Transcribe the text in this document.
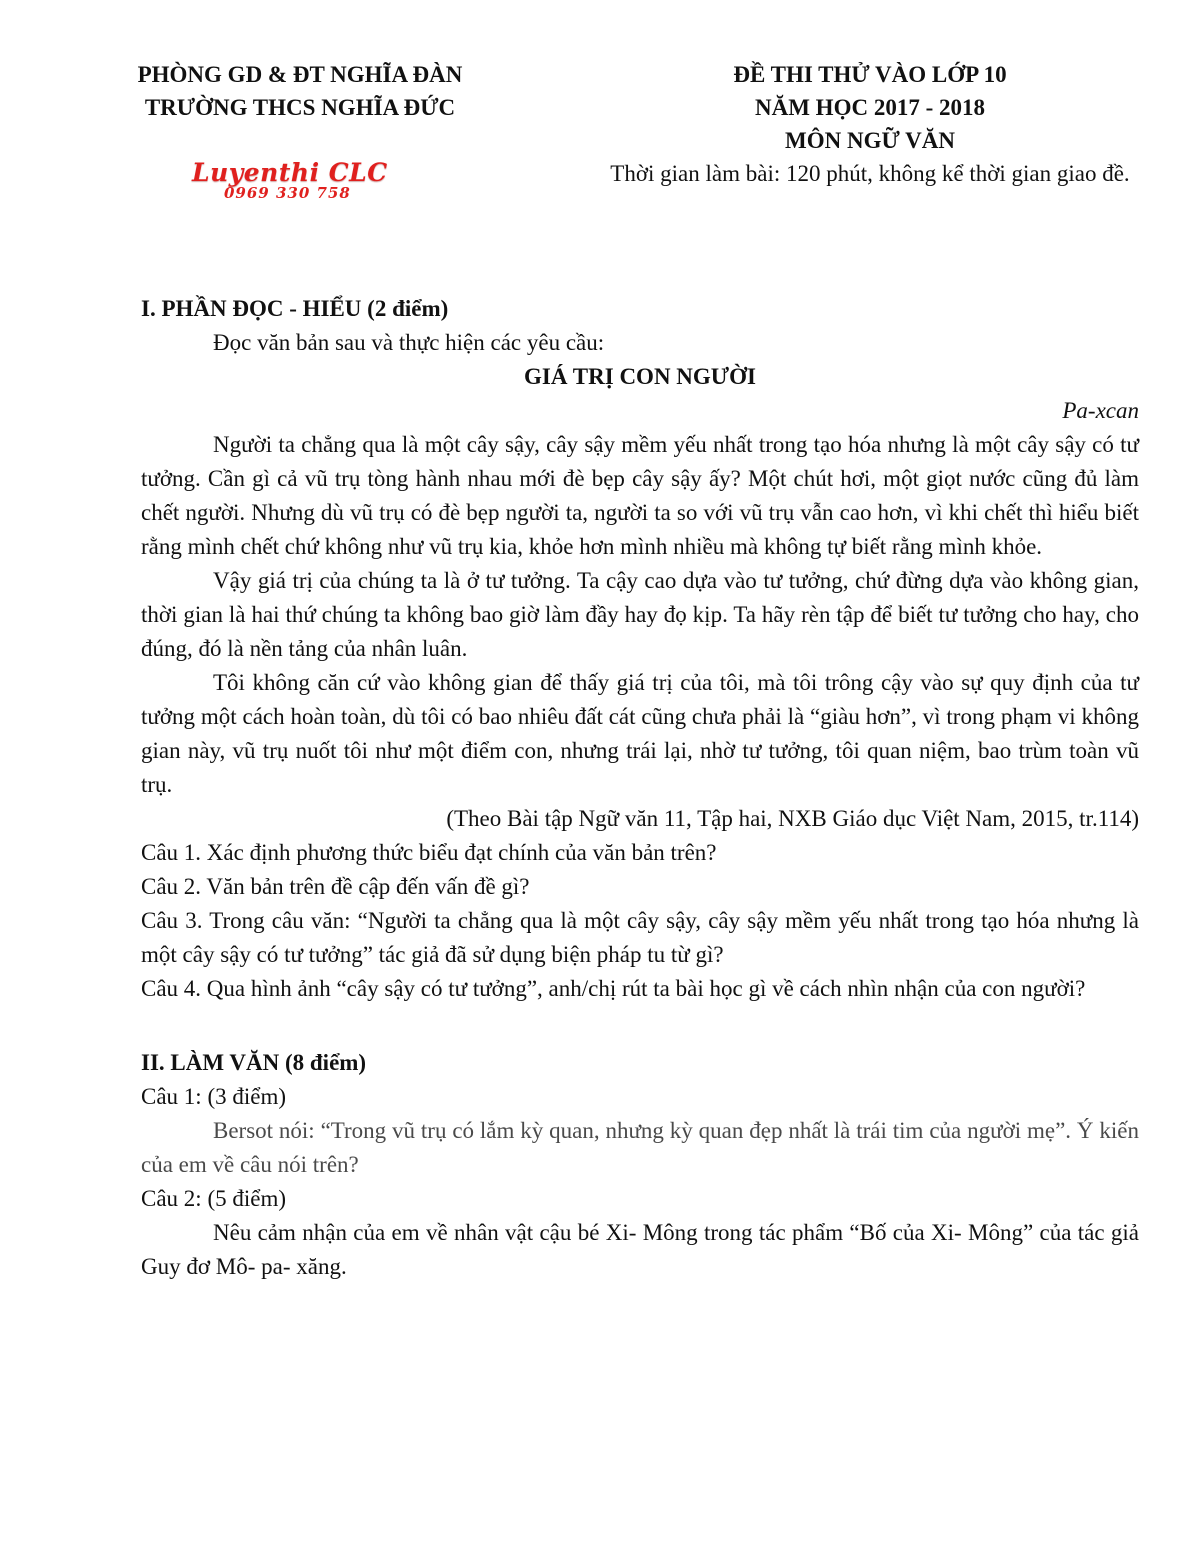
PHÒNG GD & ĐT NGHĨA ĐÀN
TRƯỜNG THCS NGHĨA ĐỨC
Luyenthi CLC
0969 330 758
ĐỀ THI THỬ VÀO LỚP 10
NĂM HỌC 2017 - 2018
MÔN NGỮ VĂN
Thời gian làm bài: 120 phút, không kể thời gian giao đề.
I. PHẦN ĐỌC - HIỂU (2 điểm)
Đọc văn bản sau và thực hiện các yêu cầu:
GIÁ TRỊ CON NGƯỜI
Pa-xcan

Người ta chẳng qua là một cây sậy, cây sậy mềm yếu nhất trong tạo hóa nhưng là một cây sậy có tư tưởng. Cần gì cả vũ trụ tòng hành nhau mới đè bẹp cây sậy ấy? Một chút hơi, một giọt nước cũng đủ làm chết người. Nhưng dù vũ trụ có đè bẹp người ta, người ta so với vũ trụ vẫn cao hơn, vì khi chết thì hiểu biết rằng mình chết chứ không như vũ trụ kia, khỏe hơn mình nhiều mà không tự biết rằng mình khỏe.

Vậy giá trị của chúng ta là ở tư tưởng. Ta cậy cao dựa vào tư tưởng, chứ đừng dựa vào không gian, thời gian là hai thứ chúng ta không bao giờ làm đầy hay đọ kịp. Ta hãy rèn tập để biết tư tưởng cho hay, cho đúng, đó là nền tảng của nhân luân.

Tôi không căn cứ vào không gian để thấy giá trị của tôi, mà tôi trông cậy vào sự quy định của tư tưởng một cách hoàn toàn, dù tôi có bao nhiêu đất cát cũng chưa phải là “giàu hơn”, vì trong phạm vi không gian này, vũ trụ nuốt tôi như một điểm con, nhưng trái lại, nhờ tư tưởng, tôi quan niệm, bao trùm toàn vũ trụ.

(Theo Bài tập Ngữ văn 11, Tập hai, NXB Giáo dục Việt Nam, 2015, tr.114)
Câu 1. Xác định phương thức biểu đạt chính của văn bản trên?
Câu 2. Văn bản trên đề cập đến vấn đề gì?
Câu 3. Trong câu văn: “Người ta chẳng qua là một cây sậy, cây sậy mềm yếu nhất trong tạo hóa nhưng là một cây sậy có tư tưởng” tác giả đã sử dụng biện pháp tu từ gì?
Câu 4. Qua hình ảnh “cây sậy có tư tưởng”, anh/chị rút ta bài học gì về cách nhìn nhận của con người?
II. LÀM VĂN (8 điểm)
Câu 1: (3 điểm)

Bersot nói: “Trong vũ trụ có lắm kỳ quan, nhưng kỳ quan đẹp nhất là trái tim của người mẹ”. Ý kiến của em về câu nói trên?

Câu 2: (5 điểm)

Nêu cảm nhận của em về nhân vật cậu bé Xi- Mông trong tác phẩm “Bố của Xi- Mông” của tác giả Guy đơ Mô- pa- xăng.
